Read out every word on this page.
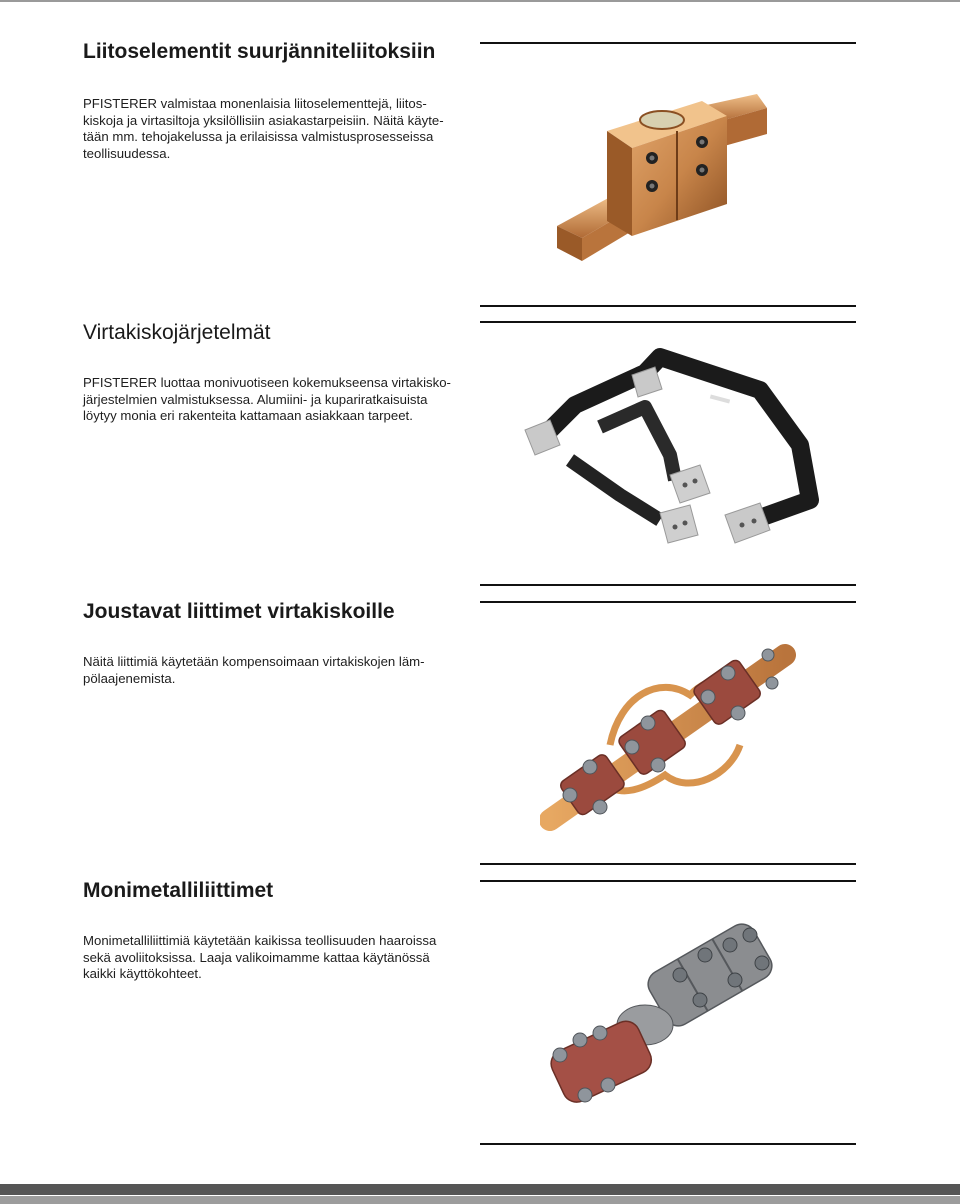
Liitoselementit suurjänniteliitoksiin

PFISTERER valmistaa monenlaisia liitoselementtejä, liitos-
kiskoja ja virtasiltoja yksilöllisiin asiakastarpeisiin. Näitä käyte-
tään mm. tehojakelussa ja erilaisissa valmistusprosesseissa
teollisuudessa.

Virtakiskojärjetelmät

PFISTERER luottaa monivuotiseen kokemukseensa virtakisko-
järjestelmien valmistuksessa. Alumiini- ja kupariratkaisuista
löytyy monia eri rakenteita kattamaan asiakkaan tarpeet.

Joustavat liittimet virtakiskoille

Näitä liittimiä käytetään kompensoimaan virtakiskojen läm-
pölaajenemista.

Monimetalliliittimet

Monimetalliliittimiä käytetään kaikissa teollisuuden haaroissa
sekä avoliitoksissa. Laaja valikoimamme kattaa käytänössä
kaikki käyttökohteet.
